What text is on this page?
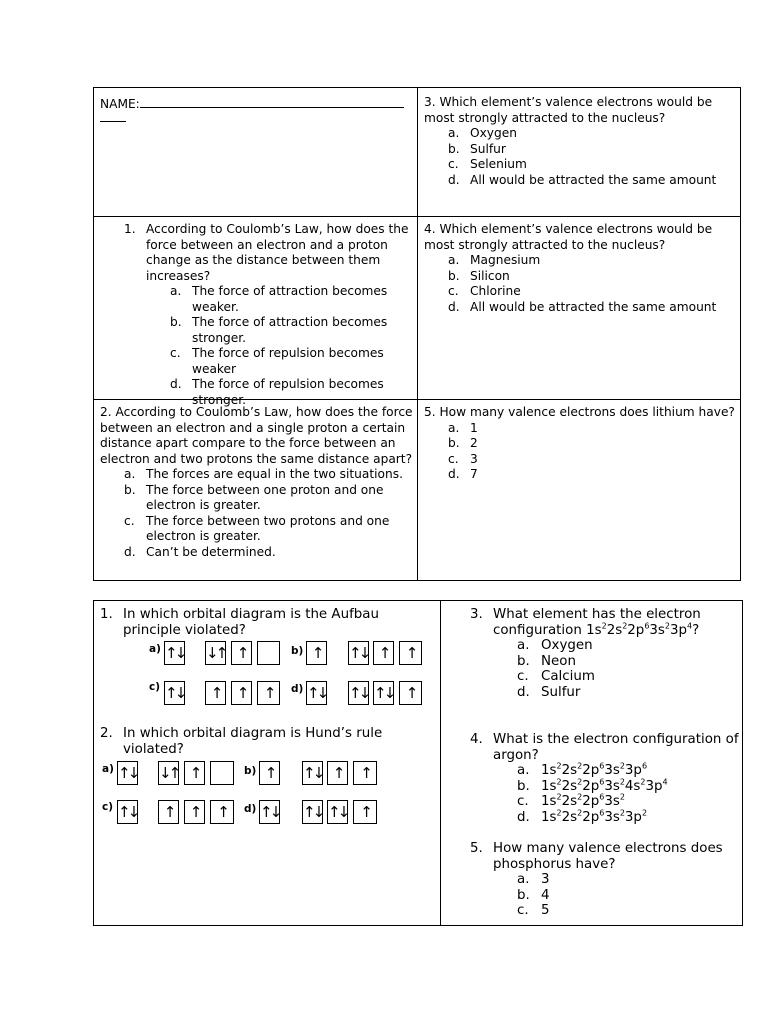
NAME:
1. According to Coulomb’s Law, how does the force between an electron and a proton change as the distance between them increases?
a. The force of attraction becomes weaker.
b. The force of attraction becomes stronger.
c. The force of repulsion becomes weaker
d. The force of repulsion becomes stronger.
2. According to Coulomb’s Law, how does the force between an electron and a single proton a certain distance apart compare to the force between an electron and two protons the same distance apart?
a. The forces are equal in the two situations.
b. The force between one proton and one electron is greater.
c. The force between two protons and one electron is greater.
d. Can’t be determined.
3. Which element’s valence electrons would be most strongly attracted to the nucleus?
a. Oxygen
b. Sulfur
c. Selenium
d. All would be attracted the same amount
4. Which element’s valence electrons would be most strongly attracted to the nucleus?
a. Magnesium
b. Silicon
c. Chlorine
d. All would be attracted the same amount
5. How many valence electrons does lithium have?
a. 1
b. 2
c. 3
d. 7
1. In which orbital diagram is the Aufbau principle violated?
a) ↑↓ ↓↑ ↑	b) ↑	↑↓ ↑	↑
c) ↑↓	↑	↑	↑	d) ↑↓ ↑↓ ↑↓ ↑
2. In which orbital diagram is Hund’s rule violated?
a) ↑↓ ↓↑ ↑	b) ↑	↑↓ ↑	↑
c) ↑↓	↑	↑	↑	d) ↑↓ ↑↓ ↑↓ ↑
3. What element has the electron
configuration $1s^22s^22p^63s^23p^4$?
a. Oxygen
b. Neon
c. Calcium
d. Sulfur
4. What is the electron configuration of argon?
a. $1s^22s^22p^63s^23p^6$
b. $1s^22s^22p^63s^24s^23p^4$
c. $1s^22s^22p^63s^2$
d. $1s^22s^22p^63s^23p^2$
5. How many valence electrons does phosphorus have?
a. 3
b. 4
c. 5
